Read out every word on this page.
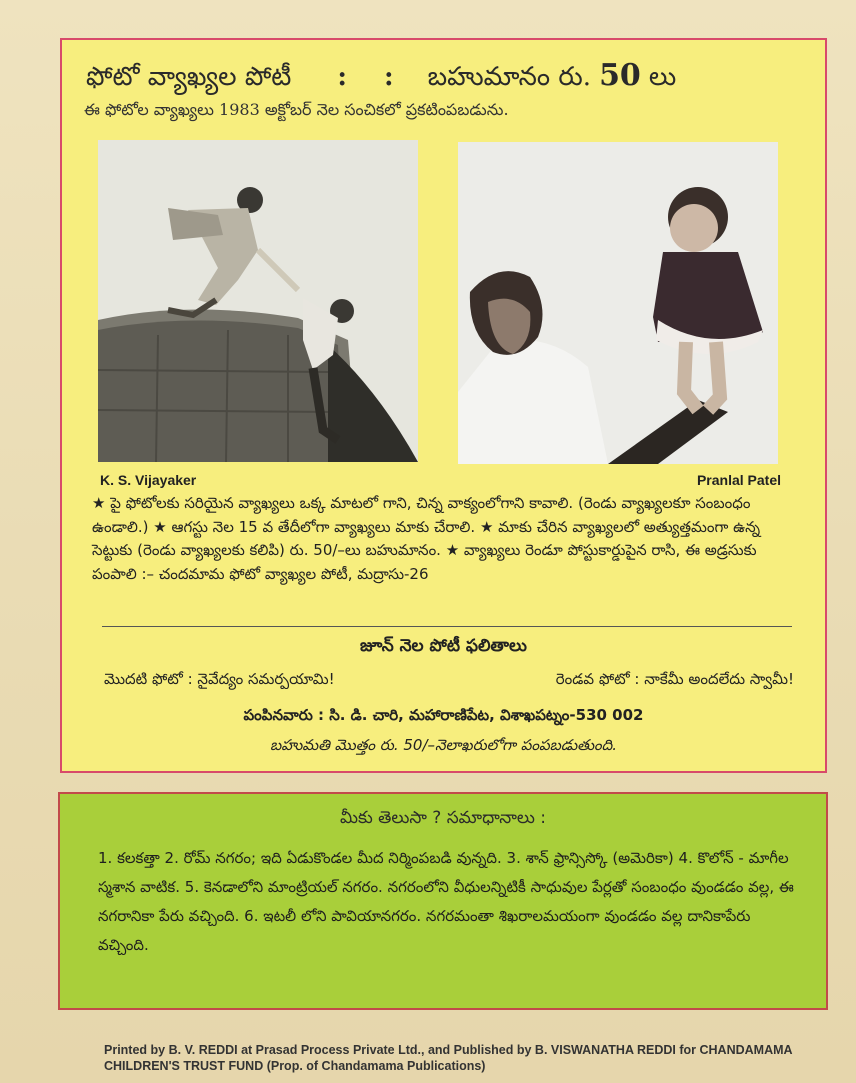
ఫోటో వ్యాఖ్యల పోటీ : : బహుమానం రు. 50 లు
ఈ ఫోటోల వ్యాఖ్యలు 1983 అక్టోబర్ నెల సంచికలో ప్రకటింపబడును.
K. S. Vijayaker	Pranlal Patel
★ పై ఫోటోలకు సరియైన వ్యాఖ్యలు ఒక్క మాటలో గాని, చిన్న వాక్యంలోగాని కావాలి. (రెండు వ్యాఖ్యలకూ సంబంధం ఉండాలి.) ★ ఆగస్టు నెల 15 వ తేదీలోగా వ్యాఖ్యలు మాకు చేరాలి. ★ మాకు చేరిన వ్యాఖ్యలలో అత్యుత్తమంగా ఉన్న సెట్టుకు (రెండు వ్యాఖ్యలకు కలిపి) రు. 50/–లు బహుమానం. ★ వ్యాఖ్యలు రెండూ పోస్టుకార్డుపైన రాసి, ఈ అడ్రసుకు పంపాలి :– చందమామ ఫోటో వ్యాఖ్యల పోటీ, మద్రాసు-26
జూన్ నెల పోటీ ఫలితాలు
మొదటి ఫోటో : నైవేద్యం సమర్పయామి!	రెండవ ఫోటో : నాకేమీ అందలేదు స్వామీ!
పంపినవారు : సి. డి. చారి, మహారాణిపేట, విశాఖపట్నం-530 002
బహుమతి మొత్తం రు. 50/–నెలాఖరులోగా పంపబడుతుంది.
మీకు తెలుసా ? సమాధానాలు :
1. కలకత్తా 2. రోమ్ నగరం; ఇది ఏడుకొండల మీద నిర్మింపబడి వున్నది. 3. శాన్ ఫ్రాన్సిస్కో (అమెరికా) 4. కొలోన్ - మాగీల స్మశాన వాటిక. 5. కెనడాలోని మాంట్రియల్ నగరం. నగరంలోని వీధులన్నిటికీ సాధువుల పేర్లతో సంబంధం వుండడం వల్ల, ఈ నగరానికా పేరు వచ్చింది. 6. ఇటలీ లోని పావియానగరం. నగరమంతా శిఖరాలమయంగా వుండడం వల్ల దానికాపేరు వచ్చింది.
Printed by B. V. REDDI at Prasad Process Private Ltd., and Published by B. VISWANATHA REDDI for CHANDAMAMA CHILDREN'S TRUST FUND (Prop. of Chandamama Publications)
